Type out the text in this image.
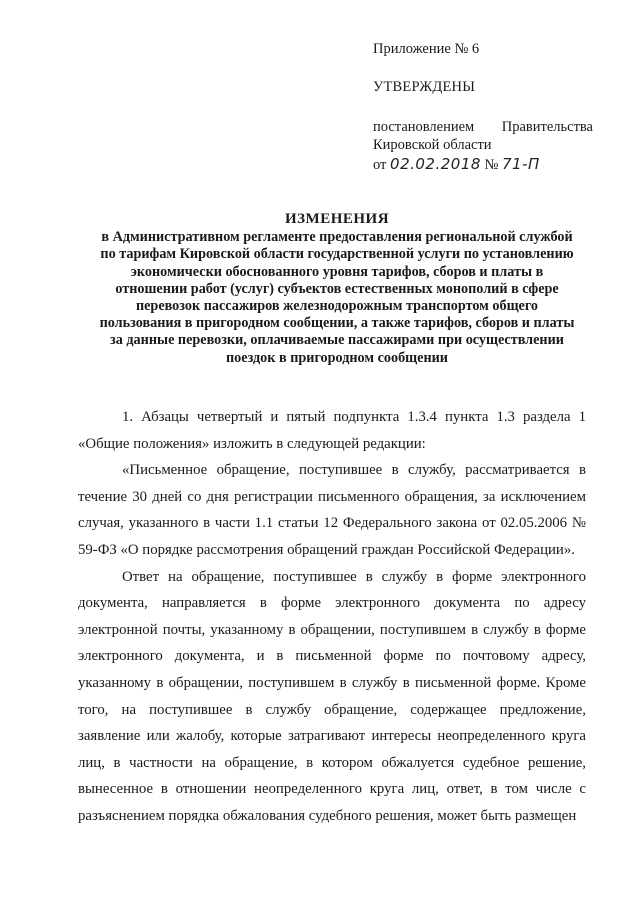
Приложение № 6
УТВЕРЖДЕНЫ
постановлением Правительства
Кировской области
от 02.02.2018 № 71-П
ИЗМЕНЕНИЯ
в Административном регламенте предоставления региональной службой
по тарифам Кировской области государственной услуги по установлению
экономически обоснованного уровня тарифов, сборов и платы в
отношении работ (услуг) субъектов естественных монополий в сфере
перевозок пассажиров железнодорожным транспортом общего
пользования в пригородном сообщении, а также тарифов, сборов и платы
за данные перевозки, оплачиваемые пассажирами при осуществлении
поездок в пригородном сообщении

1. Абзацы четвертый и пятый подпункта 1.3.4 пункта 1.3 раздела 1 «Общие положения» изложить в следующей редакции:

«Письменное обращение, поступившее в службу, рассматривается в течение 30 дней со дня регистрации письменного обращения, за исключением случая, указанного в части 1.1 статьи 12 Федерального закона от 02.05.2006 № 59-ФЗ «О порядке рассмотрения обращений граждан Российской Федерации».

Ответ на обращение, поступившее в службу в форме электронного документа, направляется в форме электронного документа по адресу электронной почты, указанному в обращении, поступившем в службу в форме электронного документа, и в письменной форме по почтовому адресу, указанному в обращении, поступившем в службу в письменной форме. Кроме того, на поступившее в службу обращение, содержащее предложение, заявление или жалобу, которые затрагивают интересы неопределенного круга лиц, в частности на обращение, в котором обжалуется судебное решение, вынесенное в отношении неопределенного круга лиц, ответ, в том числе с разъяснением порядка обжалования судебного решения, может быть размещен
